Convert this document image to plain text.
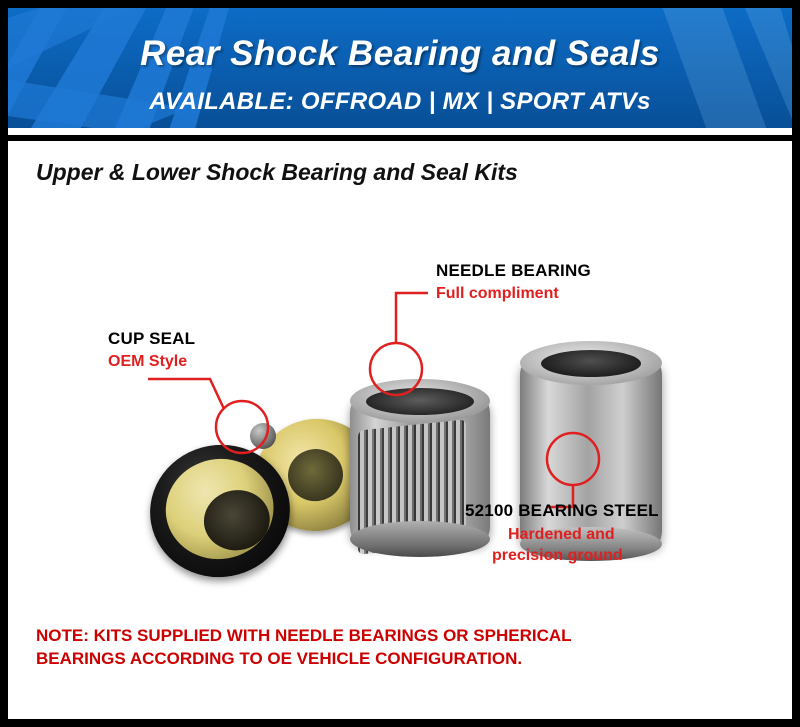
Rear Shock Bearing and Seals
AVAILABLE: OFFROAD | MX | SPORT ATVs
Upper & Lower Shock Bearing and Seal Kits
CUP SEAL
OEM Style
NEEDLE BEARING
Full compliment
52100 BEARING STEEL
Hardened and
precision ground
NOTE: KITS SUPPLIED WITH NEEDLE BEARINGS OR SPHERICAL
BEARINGS ACCORDING TO OE VEHICLE CONFIGURATION.
